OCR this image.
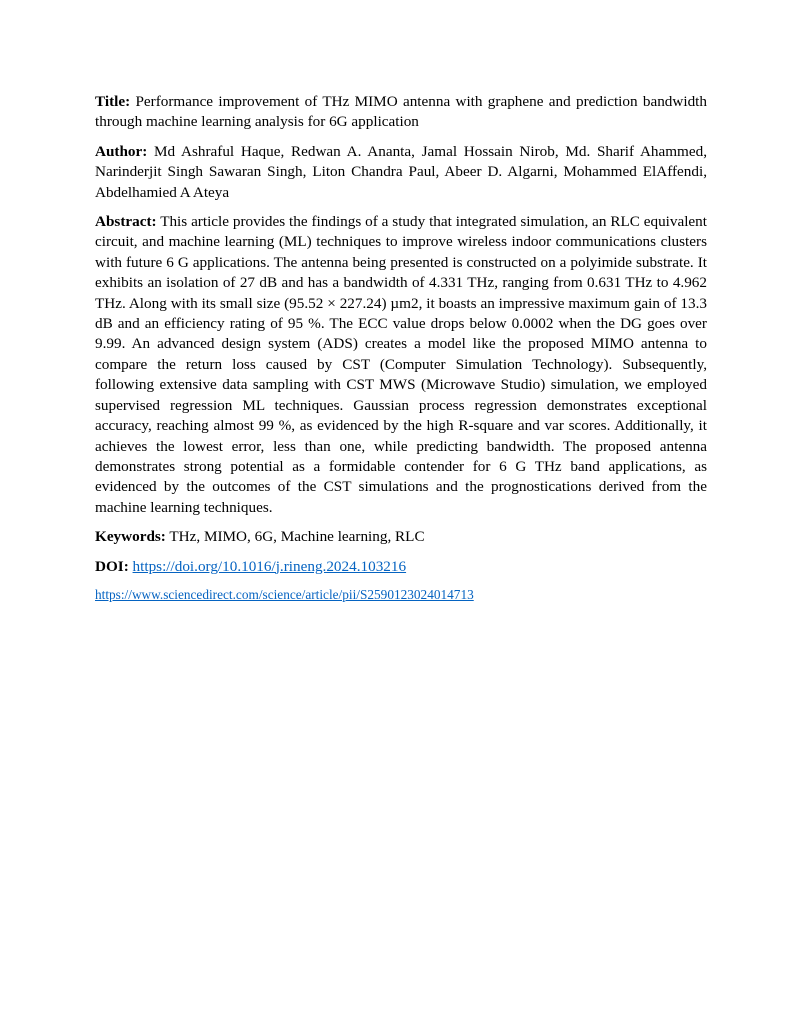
Title: Performance improvement of THz MIMO antenna with graphene and prediction bandwidth through machine learning analysis for 6G application

Author: Md Ashraful Haque, Redwan A. Ananta, Jamal Hossain Nirob, Md. Sharif Ahammed, Narinderjit Singh Sawaran Singh, Liton Chandra Paul, Abeer D. Algarni, Mohammed ElAffendi, Abdelhamied A Ateya

Abstract: This article provides the findings of a study that integrated simulation, an RLC equivalent circuit, and machine learning (ML) techniques to improve wireless indoor communications clusters with future 6 G applications. The antenna being presented is constructed on a polyimide substrate. It exhibits an isolation of 27 dB and has a bandwidth of 4.331 THz, ranging from 0.631 THz to 4.962 THz. Along with its small size (95.52 × 227.24) µm2, it boasts an impressive maximum gain of 13.3 dB and an efficiency rating of 95 %. The ECC value drops below 0.0002 when the DG goes over 9.99. An advanced design system (ADS) creates a model like the proposed MIMO antenna to compare the return loss caused by CST (Computer Simulation Technology). Subsequently, following extensive data sampling with CST MWS (Microwave Studio) simulation, we employed supervised regression ML techniques. Gaussian process regression demonstrates exceptional accuracy, reaching almost 99 %, as evidenced by the high R-square and var scores. Additionally, it achieves the lowest error, less than one, while predicting bandwidth. The proposed antenna demonstrates strong potential as a formidable contender for 6 G THz band applications, as evidenced by the outcomes of the CST simulations and the prognostications derived from the machine learning techniques.

Keywords: THz, MIMO, 6G, Machine learning, RLC

DOI: https://doi.org/10.1016/j.rineng.2024.103216

https://www.sciencedirect.com/science/article/pii/S2590123024014713
